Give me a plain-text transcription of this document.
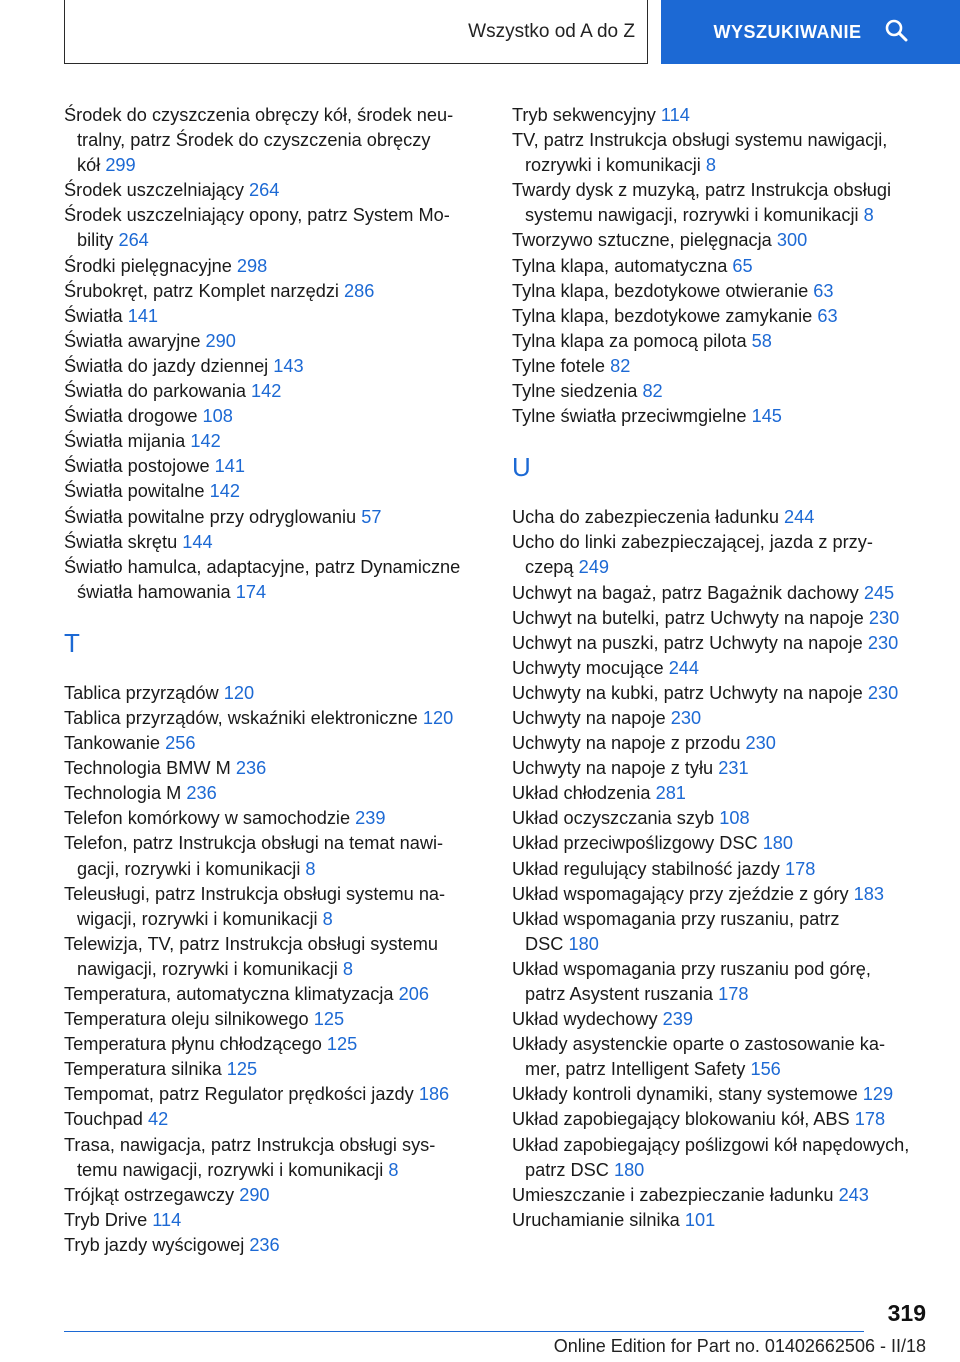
Wszystko od A do Z	WYSZUKIWANIE
Środek do czyszczenia obręczy kół, środek neu-
tralny, patrz Środek do czyszczenia obręczy
kół 299
Środek uszczelniający 264
Środek uszczelniający opony, patrz System Mo-
bility 264
Środki pielęgnacyjne 298
Śrubokręt, patrz Komplet narzędzi 286
Światła 141
Światła awaryjne 290
Światła do jazdy dziennej 143
Światła do parkowania 142
Światła drogowe 108
Światła mijania 142
Światła postojowe 141
Światła powitalne 142
Światła powitalne przy odryglowaniu 57
Światła skrętu 144
Światło hamulca, adaptacyjne, patrz Dynamiczne
światła hamowania 174
T
Tablica przyrządów 120
Tablica przyrządów, wskaźniki elektroniczne 120
Tankowanie 256
Technologia BMW M 236
Technologia M 236
Telefon komórkowy w samochodzie 239
Telefon, patrz Instrukcja obsługi na temat nawi-
gacji, rozrywki i komunikacji 8
Teleusługi, patrz Instrukcja obsługi systemu na-
wigacji, rozrywki i komunikacji 8
Telewizja, TV, patrz Instrukcja obsługi systemu
nawigacji, rozrywki i komunikacji 8
Temperatura, automatyczna klimatyzacja 206
Temperatura oleju silnikowego 125
Temperatura płynu chłodzącego 125
Temperatura silnika 125
Tempomat, patrz Regulator prędkości jazdy 186
Touchpad 42
Trasa, nawigacja, patrz Instrukcja obsługi sys-
temu nawigacji, rozrywki i komunikacji 8
Trójkąt ostrzegawczy 290
Tryb Drive 114
Tryb jazdy wyścigowej 236
Tryb sekwencyjny 114
TV, patrz Instrukcja obsługi systemu nawigacji,
rozrywki i komunikacji 8
Twardy dysk z muzyką, patrz Instrukcja obsługi
systemu nawigacji, rozrywki i komunikacji 8
Tworzywo sztuczne, pielęgnacja 300
Tylna klapa, automatyczna 65
Tylna klapa, bezdotykowe otwieranie 63
Tylna klapa, bezdotykowe zamykanie 63
Tylna klapa za pomocą pilota 58
Tylne fotele 82
Tylne siedzenia 82
Tylne światła przeciwmgielne 145
U
Ucha do zabezpieczenia ładunku 244
Ucho do linki zabezpieczającej, jazda z przy-
czepą 249
Uchwyt na bagaż, patrz Bagażnik dachowy 245
Uchwyt na butelki, patrz Uchwyty na napoje 230
Uchwyt na puszki, patrz Uchwyty na napoje 230
Uchwyty mocujące 244
Uchwyty na kubki, patrz Uchwyty na napoje 230
Uchwyty na napoje 230
Uchwyty na napoje z przodu 230
Uchwyty na napoje z tyłu 231
Układ chłodzenia 281
Układ oczyszczania szyb 108
Układ przeciwpoślizgowy DSC 180
Układ regulujący stabilność jazdy 178
Układ wspomagający przy zjeździe z góry 183
Układ wspomagania przy ruszaniu, patrz
DSC 180
Układ wspomagania przy ruszaniu pod górę,
patrz Asystent ruszania 178
Układ wydechowy 239
Układy asystenckie oparte o zastosowanie ka-
mer, patrz Intelligent Safety 156
Układy kontroli dynamiki, stany systemowe 129
Układ zapobiegający blokowaniu kół, ABS 178
Układ zapobiegający poślizgowi kół napędowych,
patrz DSC 180
Umieszczanie i zabezpieczanie ładunku 243
Uruchamianie silnika 101
319
Online Edition for Part no. 01402662506 - II/18
